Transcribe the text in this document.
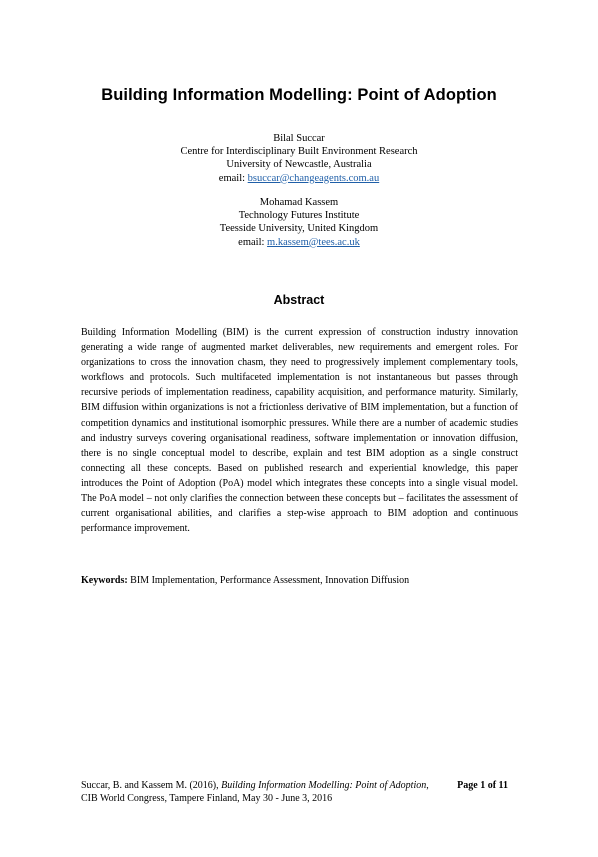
Building Information Modelling: Point of Adoption
Bilal Succar
Centre for Interdisciplinary Built Environment Research
University of Newcastle, Australia
email: bsuccar@changeagents.com.au
Mohamad Kassem
Technology Futures Institute
Teesside University, United Kingdom
email: m.kassem@tees.ac.uk
Abstract

Building Information Modelling (BIM) is the current expression of construction industry innovation generating a wide range of augmented market deliverables, new requirements and emergent roles. For organizations to cross the innovation chasm, they need to progressively implement complementary tools, workflows and protocols. Such multifaceted implementation is not instantaneous but passes through recursive periods of implementation readiness, capability acquisition, and performance maturity. Similarly, BIM diffusion within organizations is not a frictionless derivative of BIM implementation, but a function of competition dynamics and institutional isomorphic pressures. While there are a number of academic studies and industry surveys covering organisational readiness, software implementation or innovation diffusion, there is no single conceptual model to describe, explain and test BIM adoption as a single construct connecting all these concepts. Based on published research and experiential knowledge, this paper introduces the Point of Adoption (PoA) model which integrates these concepts into a single visual model. The PoA model – not only clarifies the connection between these concepts but – facilitates the assessment of current organisational abilities, and clarifies a step-wise approach to BIM adoption and continuous performance improvement.

Keywords: BIM Implementation, Performance Assessment, Innovation Diffusion

Succar, B. and Kassem M. (2016), Building Information Modelling: Point of Adoption, CIB World Congress, Tampere Finland, May 30 - June 3, 2016
Page 1 of 11
